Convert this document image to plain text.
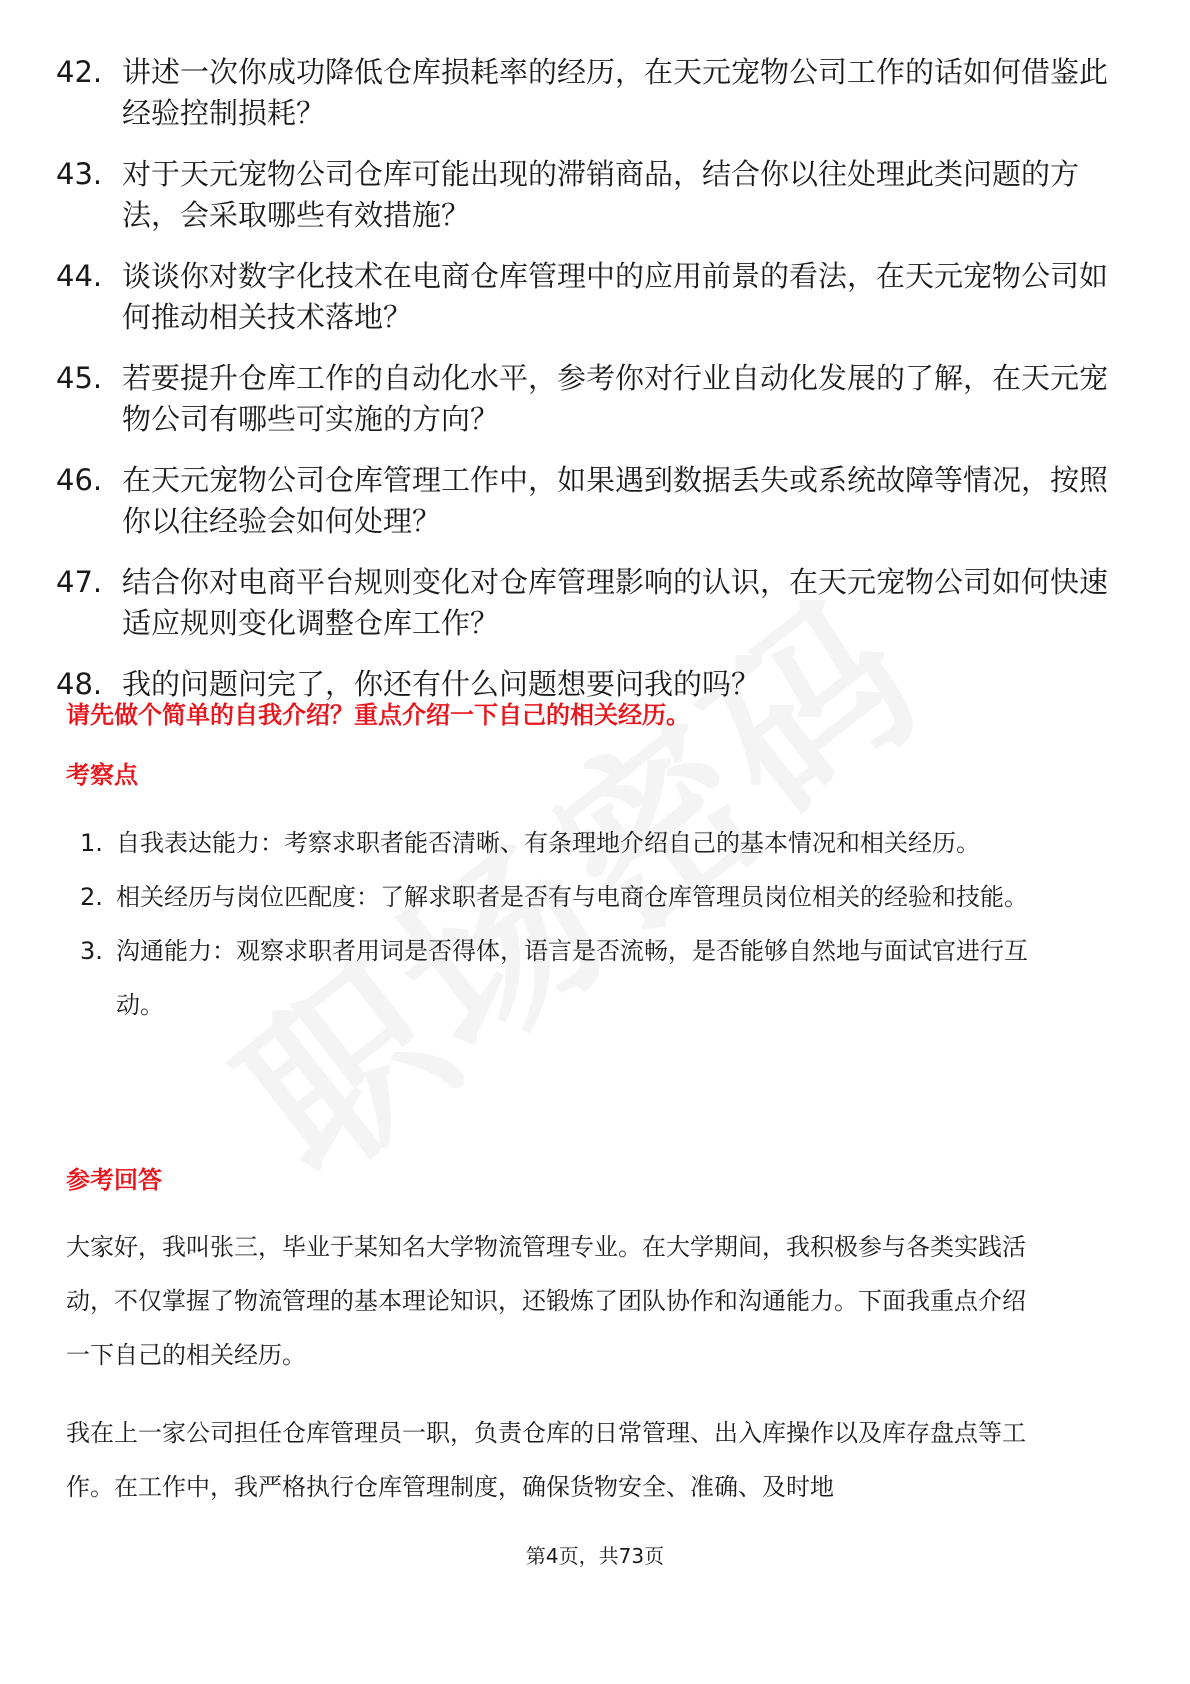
42. 讲述一次你成功降低仓库损耗率的经历，在天元宠物公司工作的话如何借鉴此经验控制损耗？
43. 对于天元宠物公司仓库可能出现的滞销商品，结合你以往处理此类问题的方法，会采取哪些有效措施？
44. 谈谈你对数字化技术在电商仓库管理中的应用前景的看法，在天元宠物公司如何推动相关技术落地？
45. 若要提升仓库工作的自动化水平，参考你对行业自动化发展的了解，在天元宠物公司有哪些可实施的方向？
46. 在天元宠物公司仓库管理工作中，如果遇到数据丢失或系统故障等情况，按照你以往经验会如何处理？
47. 结合你对电商平台规则变化对仓库管理影响的认识，在天元宠物公司如何快速适应规则变化调整仓库工作？
48. 我的问题问完了，你还有什么问题想要问我的吗？

请先做个简单的自我介绍？重点介绍一下自己的相关经历。

考察点

1. 自我表达能力：考察求职者能否清晰、有条理地介绍自己的基本情况和相关经历。
2. 相关经历与岗位匹配度：了解求职者是否有与电商仓库管理员岗位相关的经验和技能。
3. 沟通能力：观察求职者用词是否得体，语言是否流畅，是否能够自然地与面试官进行互动。

参考回答

大家好，我叫张三，毕业于某知名大学物流管理专业。在大学期间，我积极参与各类实践活动，不仅掌握了物流管理的基本理论知识，还锻炼了团队协作和沟通能力。下面我重点介绍一下自己的相关经历。

我在上一家公司担任仓库管理员一职，负责仓库的日常管理、出入库操作以及库存盘点等工作。在工作中，我严格执行仓库管理制度，确保货物安全、准确、及时地

第4页，共73页
